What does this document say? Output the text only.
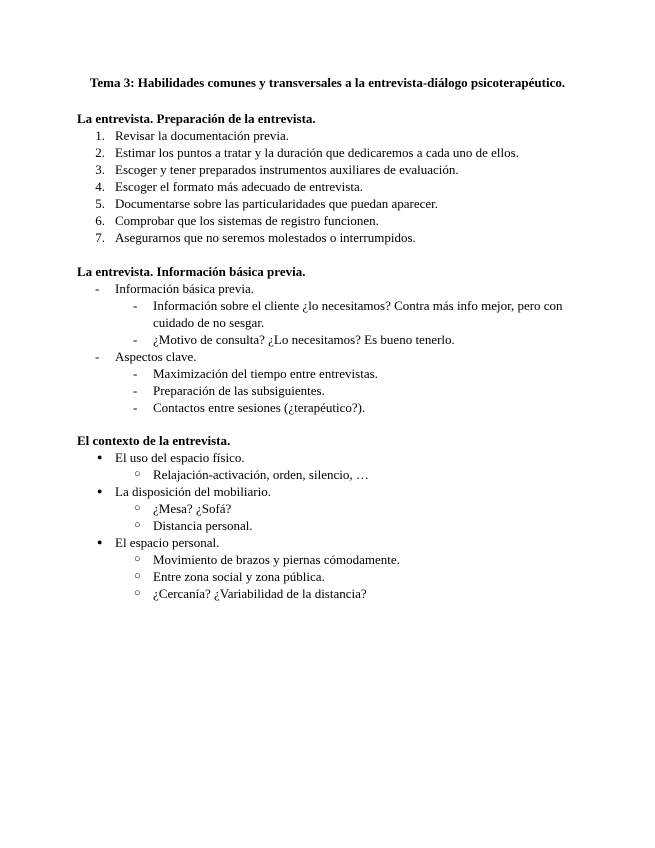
Tema 3: Habilidades comunes y transversales a la entrevista-diálogo psicoterapéutico.
La entrevista. Preparación de la entrevista.
1. Revisar la documentación previa.
2. Estimar los puntos a tratar y la duración que dedicaremos a cada uno de ellos.
3. Escoger y tener preparados instrumentos auxiliares de evaluación.
4. Escoger el formato más adecuado de entrevista.
5. Documentarse sobre las particularidades que puedan aparecer.
6. Comprobar que los sistemas de registro funcionen.
7. Asegurarnos que no seremos molestados o interrumpidos.
La entrevista. Información básica previa.
- Información básica previa.
- Información sobre el cliente ¿lo necesitamos? Contra más info mejor, pero con cuidado de no sesgar.
- ¿Motivo de consulta? ¿Lo necesitamos? Es bueno tenerlo.
- Aspectos clave.
- Maximización del tiempo entre entrevistas.
- Preparación de las subsiguientes.
- Contactos entre sesiones (¿terapéutico?).
El contexto de la entrevista.
● El uso del espacio físico.
○ Relajación-activación, orden, silencio, …
● La disposición del mobiliario.
○ ¿Mesa? ¿Sofá?
○ Distancia personal.
● El espacio personal.
○ Movimiento de brazos y piernas cómodamente.
○ Entre zona social y zona pública.
○ ¿Cercanía? ¿Variabilidad de la distancia?
